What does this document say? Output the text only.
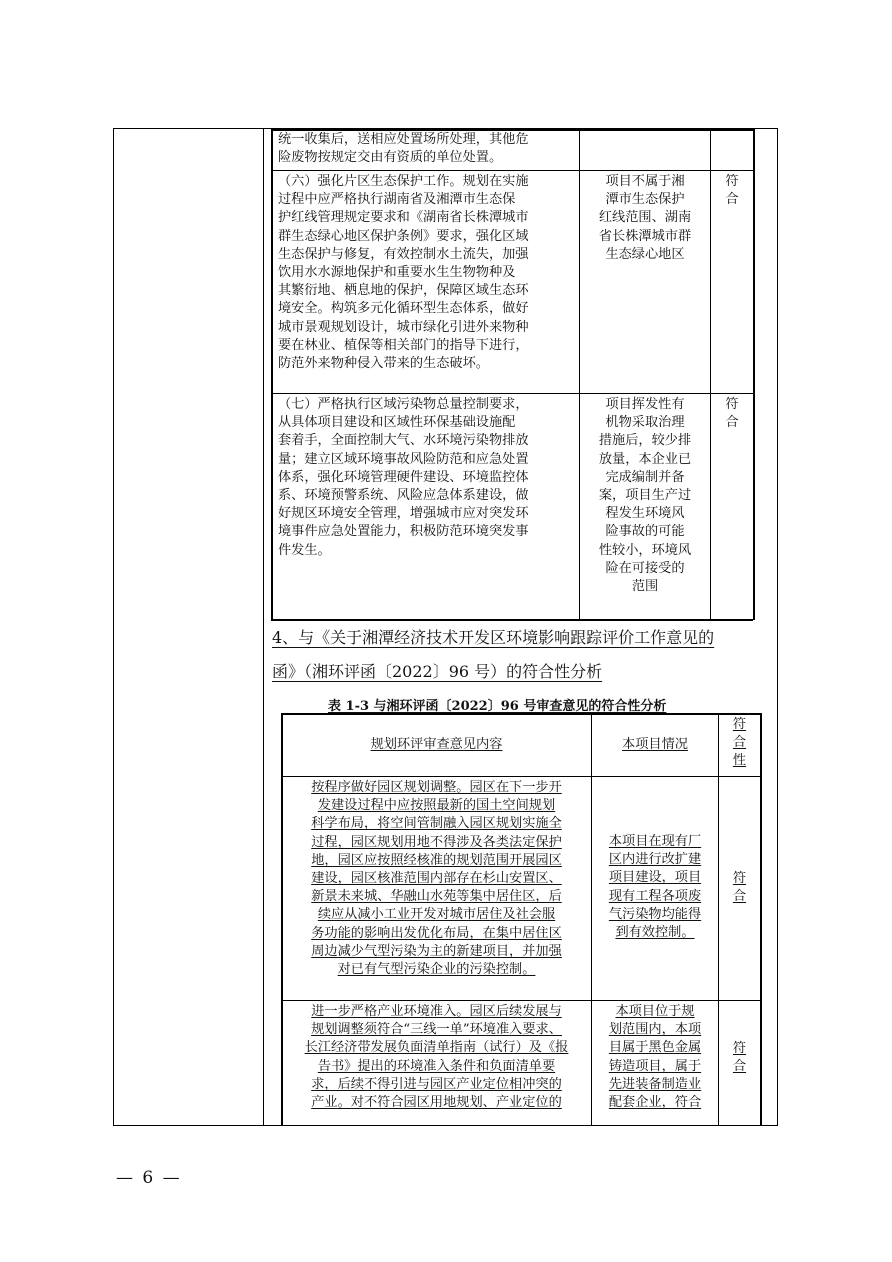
统一收集后，送相应处置场所处理，其他危
险废物按规定交由有资质的单位处置。
（六）强化片区生态保护工作。规划在实施
过程中应严格执行湖南省及湘潭市生态保
护红线管理规定要求和《湖南省长株潭城市
群生态绿心地区保护条例》要求，强化区域
生态保护与修复，有效控制水土流失，加强
饮用水水源地保护和重要水生生物物种及
其繁衍地、栖息地的保护，保障区域生态环
境安全。构筑多元化循环型生态体系，做好
城市景观规划设计，城市绿化引进外来物种
要在林业、植保等相关部门的指导下进行，
防范外来物种侵入带来的生态破坏。
项目不属于湘
潭市生态保护
红线范围、湖南
省长株潭城市群
生态绿心地区
符
合
（七）严格执行区域污染物总量控制要求，
从具体项目建设和区域性环保基础设施配
套着手，全面控制大气、水环境污染物排放
量；建立区域环境事故风险防范和应急处置
体系，强化环境管理硬件建设、环境监控体
系、环境预警系统、风险应急体系建设，做
好规区环境安全管理，增强城市应对突发环
境事件应急处置能力，积极防范环境突发事
件发生。
项目挥发性有
机物采取治理
措施后，较少排
放量，本企业已
完成编制并备
案，项目生产过
程发生环境风
险事故的可能
性较小，环境风
险在可接受的
范围
符
合
4、与《关于湘潭经济技术开发区环境影响跟踪评价工作意见的
函》（湘环评函〔2022〕96 号）的符合性分析
表 1-3 与湘环评函〔2022〕96 号审查意见的符合性分析
规划环评审查意见内容	本项目情况
符
合
性
按程序做好园区规划调整。园区在下一步开
发建设过程中应按照最新的国土空间规划
科学布局，将空间管制融入园区规划实施全
过程，园区规划用地不得涉及各类法定保护
地，园区应按照经核准的规划范围开展园区
建设，园区核准范围内部存在杉山安置区、
新景未来城、华融山水苑等集中居住区，后
续应从减小工业开发对城市居住及社会服
务功能的影响出发优化布局，在集中居住区
周边减少气型污染为主的新建项目，并加强
对已有气型污染企业的污染控制。
本项目在现有厂
区内进行改扩建
项目建设，项目
现有工程各项废
气污染物均能得
到有效控制。
符
合
进一步严格产业环境准入。园区后续发展与
规划调整须符合“三线一单”环境准入要求、
长江经济带发展负面清单指南（试行）及《报
告书》提出的环境准入条件和负面清单要
求，后续不得引进与园区产业定位相冲突的
产业。对不符合园区用地规划、产业定位的
本项目位于规
划范围内，本项
目属于黑色金属
铸造项目，属于
先进装备制造业
配套企业，符合
符
合
— 6 —
